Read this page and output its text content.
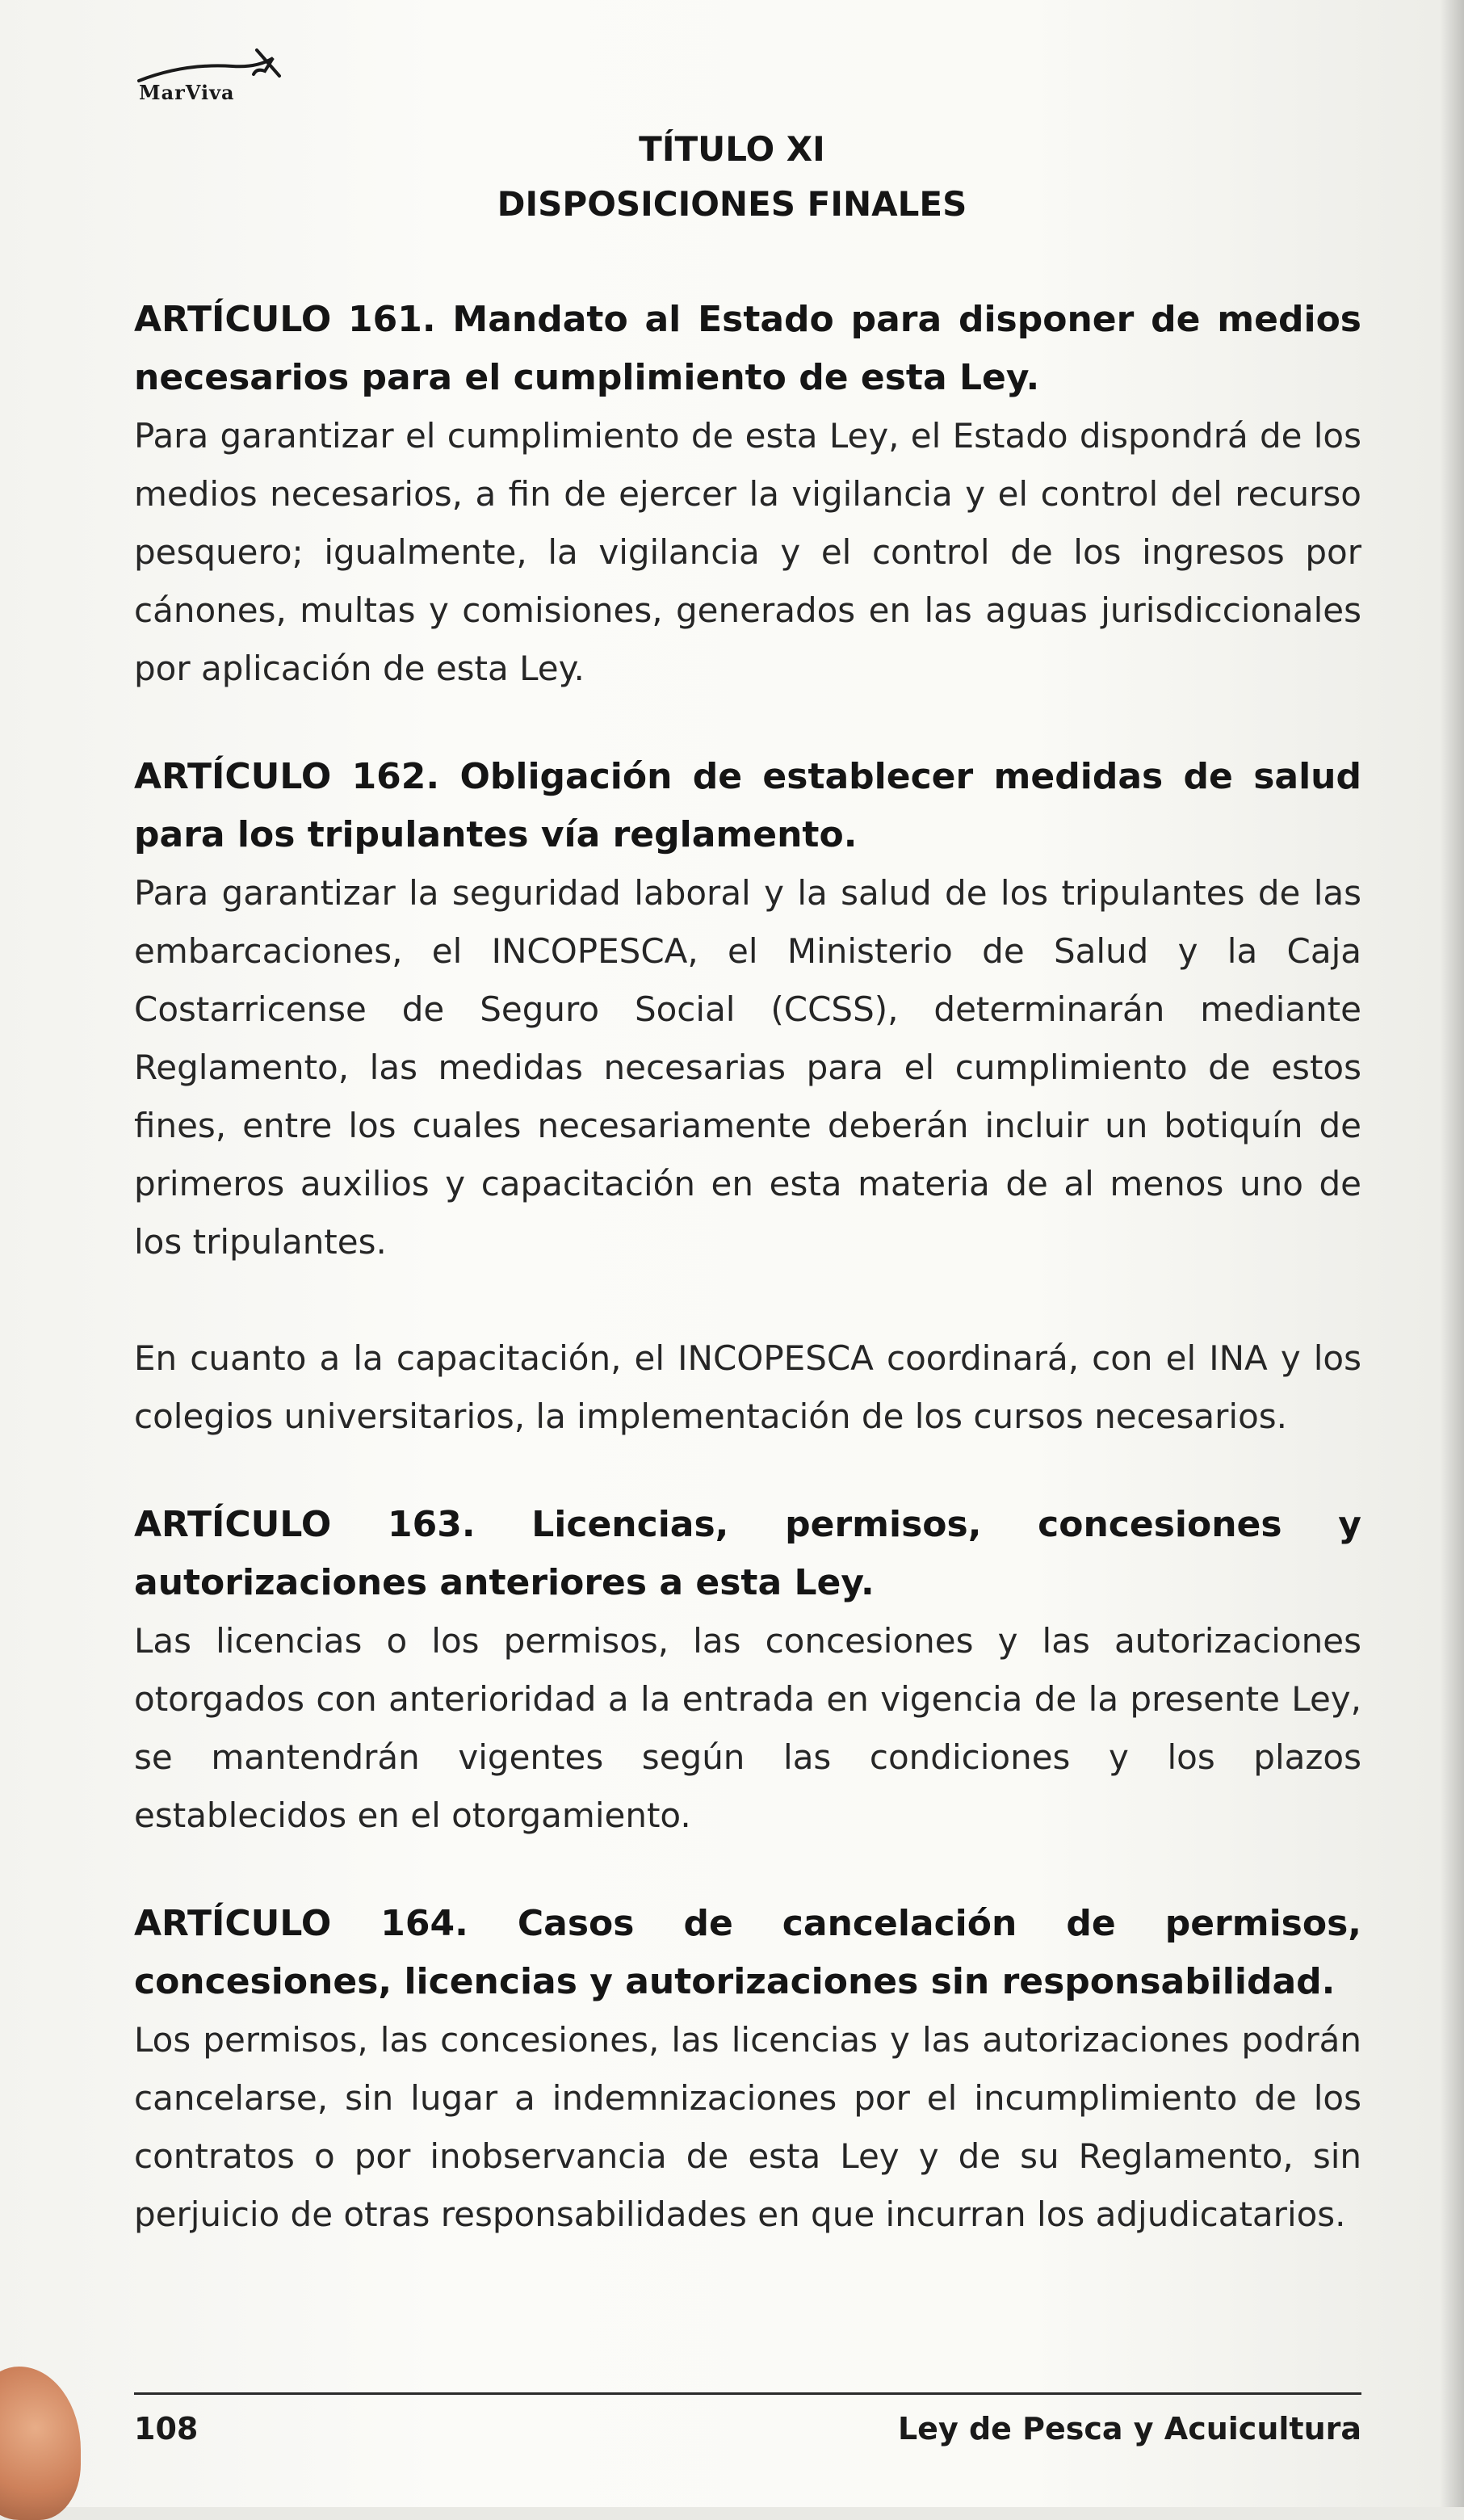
MarViva
TÍTULO XI
DISPOSICIONES FINALES

ARTÍCULO 161. Mandato al Estado para disponer de medios necesarios para el cumplimiento de esta Ley.

Para garantizar el cumplimiento de esta Ley, el Estado dispondrá de los medios necesarios, a fin de ejercer la vigilancia y el control del recurso pesquero; igualmente, la vigilancia y el control de los ingresos por cánones, multas y comisiones, generados en las aguas jurisdiccionales por aplicación de esta Ley.

ARTÍCULO 162. Obligación de establecer medidas de salud para los tripulantes vía reglamento.

Para garantizar la seguridad laboral y la salud de los tripulantes de las embarcaciones, el INCOPESCA, el Ministerio de Salud y la Caja Costarricense de Seguro Social (CCSS), determinarán mediante Reglamento, las medidas necesarias para el cumplimiento de estos fines, entre los cuales necesariamente deberán incluir un botiquín de primeros auxilios y capacitación en esta materia de al menos uno de los tripulantes.

En cuanto a la capacitación, el INCOPESCA coordinará, con el INA y los colegios universitarios, la implementación de los cursos necesarios.

ARTÍCULO 163. Licencias, permisos, concesiones y autorizaciones anteriores a esta Ley.

Las licencias o los permisos, las concesiones y las autorizaciones otorgados con anterioridad a la entrada en vigencia de la presente Ley, se mantendrán vigentes según las condiciones y los plazos establecidos en el otorgamiento.

ARTÍCULO 164. Casos de cancelación de permisos, concesiones, licencias y autorizaciones sin responsabilidad.

Los permisos, las concesiones, las licencias y las autorizaciones podrán cancelarse, sin lugar a indemnizaciones por el incumplimiento de los contratos o por inobservancia de esta Ley y de su Reglamento, sin perjuicio de otras responsabilidades en que incurran los adjudicatarios.

108	Ley de Pesca y Acuicultura
